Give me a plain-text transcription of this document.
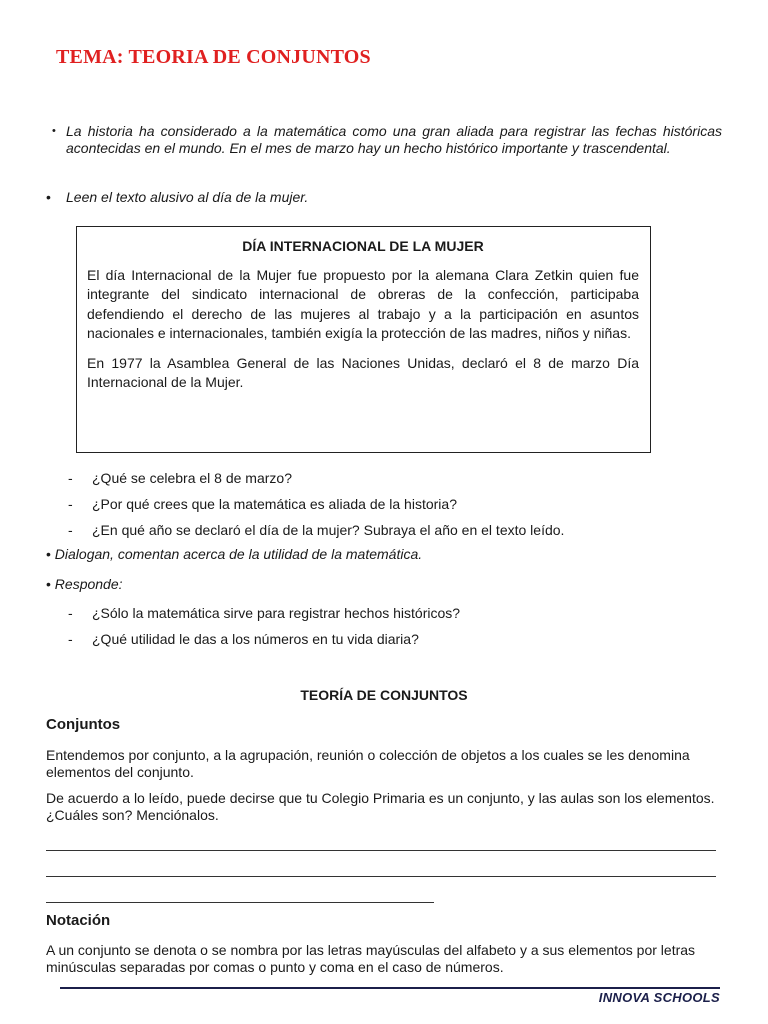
TEMA: TEORIA DE CONJUNTOS
• La historia ha considerado a la matemática como una gran aliada para registrar las fechas históricas acontecidas en el mundo. En el mes de marzo hay un hecho histórico importante y trascendental.
•	Leen el texto alusivo al día de la mujer.
DÍA INTERNACIONAL DE LA MUJER

El día Internacional de la Mujer fue propuesto por la alemana Clara Zetkin quien fue integrante del sindicato internacional de obreras de la confección, participaba defendiendo el derecho de las mujeres al trabajo y a la participación en asuntos nacionales e internacionales, también exigía la protección de las madres, niños y niñas.

En 1977 la Asamblea General de las Naciones Unidas, declaró el 8 de marzo Día Internacional de la Mujer.

- ¿Qué se celebra el 8 de marzo?
- ¿Por qué crees que la matemática es aliada de la historia?
- ¿En qué año se declaró el día de la mujer? Subraya el año en el texto leído.
• Dialogan, comentan acerca de la utilidad de la matemática.
• Responde:
- ¿Sólo la matemática sirve para registrar hechos históricos?
- ¿Qué utilidad le das a los números en tu vida diaria?
TEORÍA DE CONJUNTOS
Conjuntos
Entendemos por conjunto, a la agrupación, reunión o colección de objetos a los cuales se les denomina elementos del conjunto.
De acuerdo a lo leído, puede decirse que tu Colegio Primaria es un conjunto, y las aulas son los elementos. ¿Cuáles son? Menciónalos.
Notación
A un conjunto se denota o se nombra por las letras mayúsculas del alfabeto y a sus elementos por letras minúsculas separadas por comas o punto y coma en el caso de números.
INNOVA SCHOOLS
